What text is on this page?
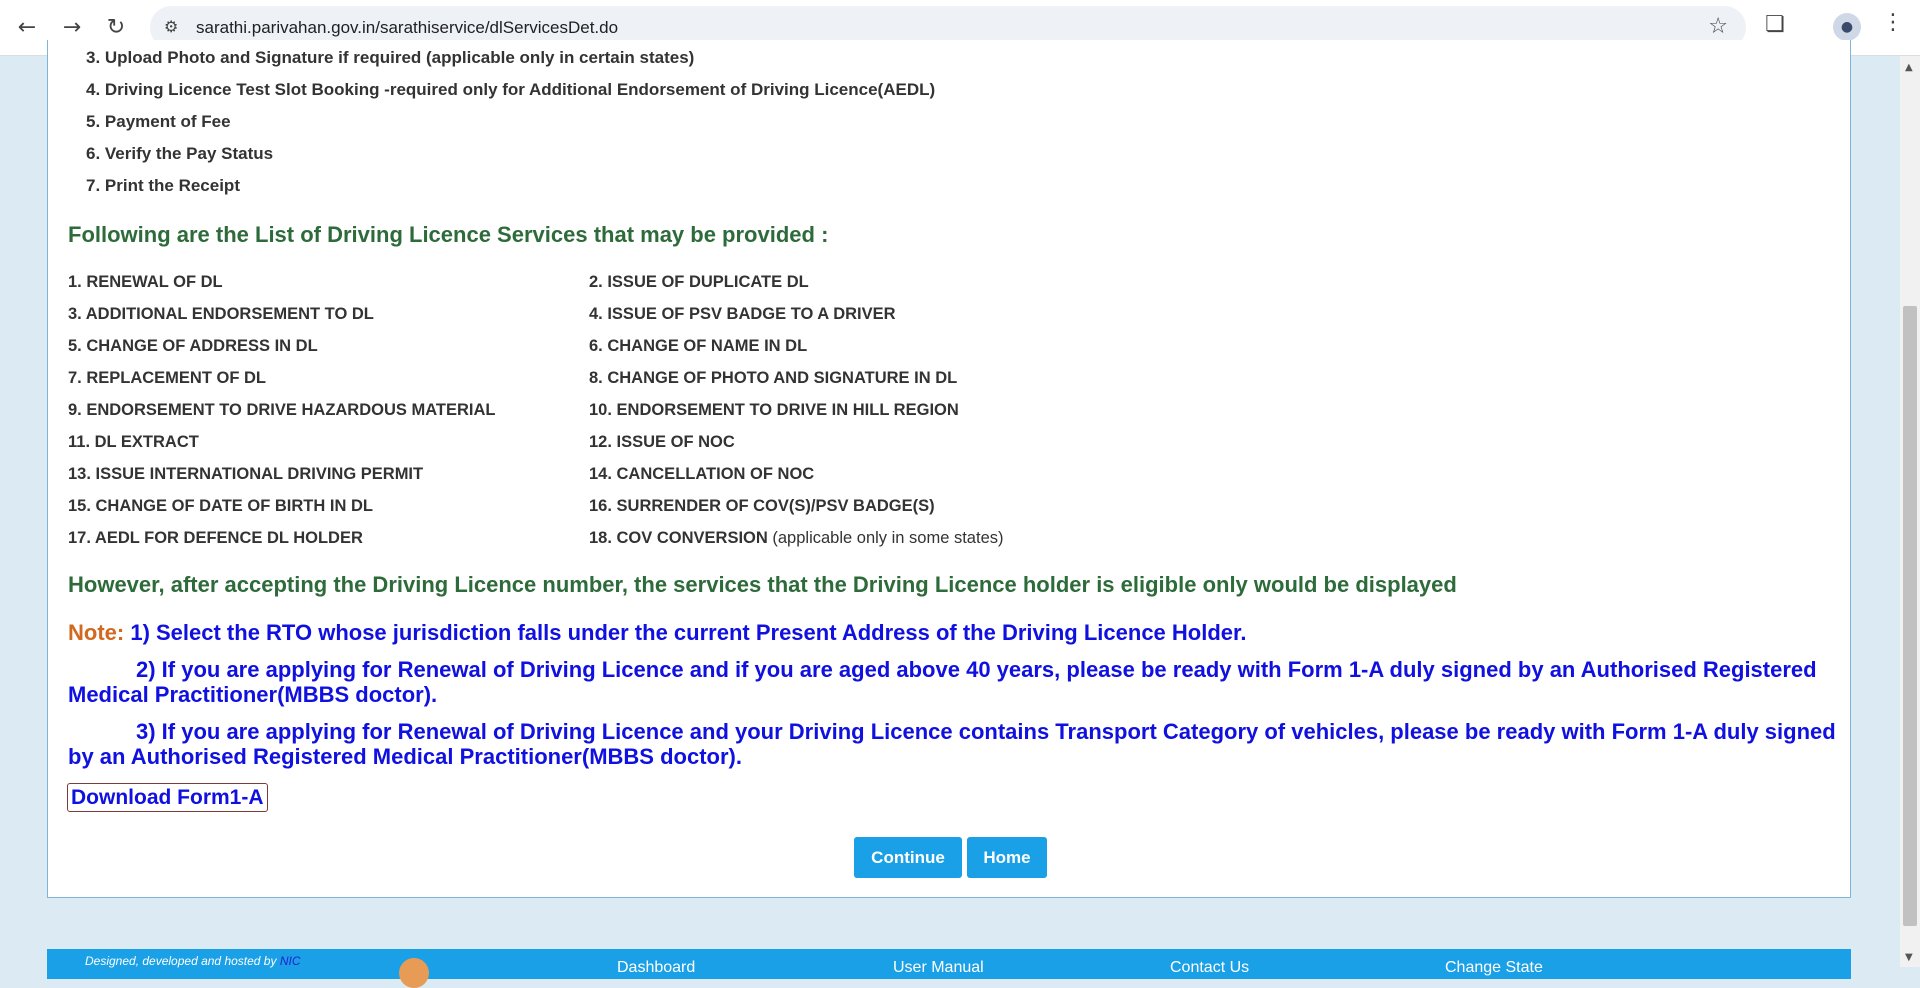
←	→	↻	⚙	sarathi.parivahan.gov.in/sarathiservice/dlServicesDet.do	☆ ❏	●	⋮
▲
▼
3. Upload Photo and Signature if required (applicable only in certain states)
4. Driving Licence Test Slot Booking -required only for Additional Endorsement of Driving Licence(AEDL)
5. Payment of Fee
6. Verify the Pay Status
7. Print the Receipt
Following are the List of Driving Licence Services that may be provided :
1. RENEWAL OF DL	2. ISSUE OF DUPLICATE DL
3. ADDITIONAL ENDORSEMENT TO DL	4. ISSUE OF PSV BADGE TO A DRIVER
5. CHANGE OF ADDRESS IN DL	6. CHANGE OF NAME IN DL
7. REPLACEMENT OF DL	8. CHANGE OF PHOTO AND SIGNATURE IN DL
9. ENDORSEMENT TO DRIVE HAZARDOUS MATERIAL	10. ENDORSEMENT TO DRIVE IN HILL REGION
11. DL EXTRACT	12. ISSUE OF NOC
13. ISSUE INTERNATIONAL DRIVING PERMIT	14. CANCELLATION OF NOC
15. CHANGE OF DATE OF BIRTH IN DL	16. SURRENDER OF COV(S)/PSV BADGE(S)
17. AEDL FOR DEFENCE DL HOLDER	18. COV CONVERSION (applicable only in some states)
However, after accepting the Driving Licence number, the services that the Driving Licence holder is eligible only would be displayed
Note: 1) Select the RTO whose jurisdiction falls under the current Present Address of the Driving Licence Holder.
2) If you are applying for Renewal of Driving Licence and if you are aged above 40 years, please be ready with Form 1-A duly signed by an Authorised Registered Medical Practitioner(MBBS doctor).
3) If you are applying for Renewal of Driving Licence and your Driving Licence contains Transport Category of vehicles, please be ready with Form 1-A duly signed by an Authorised Registered Medical Practitioner(MBBS doctor).
Download Form1-A
Continue	Home
Designed, developed and hosted by NIC	Dashboard	User Manual	Contact Us	Change State
